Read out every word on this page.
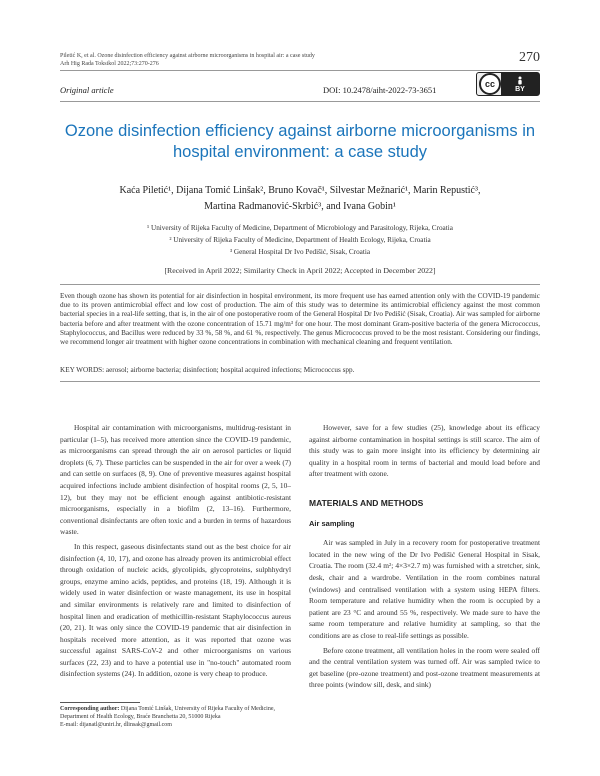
Piletić K, et al. Ozone disinfection efficiency against airborne microorganisms in hospital air: a case study
Arh Hig Rada Toksikol 2022;73:270-276	270
cc	BY
Original article	DOI: 10.2478/aiht-2022-73-3651
Ozone disinfection efficiency against airborne microorganisms in hospital environment: a case study
Kaća Piletić¹, Dijana Tomić Linšak², Bruno Kovač¹, Silvestar Mežnarić¹, Marin Repustić³,
Martina Radmanović-Skrbić³, and Ivana Gobin¹
¹ University of Rijeka Faculty of Medicine, Department of Microbiology and Parasitology, Rijeka, Croatia
² University of Rijeka Faculty of Medicine, Department of Health Ecology, Rijeka, Croatia
³ General Hospital Dr Ivo Pedišić, Sisak, Croatia
[Received in April 2022; Similarity Check in April 2022; Accepted in December 2022]
Even though ozone has shown its potential for air disinfection in hospital environment, its more frequent use has earned attention only with the COVID-19 pandemic due to its proven antimicrobial effect and low cost of production. The aim of this study was to determine its antimicrobial efficiency against the most common bacterial species in a real-life setting, that is, in the air of one postoperative room of the General Hospital Dr Ivo Pedišić (Sisak, Croatia). Air was sampled for airborne bacteria before and after treatment with the ozone concentration of 15.71 mg/m³ for one hour. The most dominant Gram-positive bacteria of the genera Micrococcus, Staphylococcus, and Bacillus were reduced by 33 %, 58 %, and 61 %, respectively. The genus Micrococcus proved to be the most resistant. Considering our findings, we recommend longer air treatment with higher ozone concentrations in combination with mechanical cleaning and frequent ventilation.
KEY WORDS: aerosol; airborne bacteria; disinfection; hospital acquired infections; Micrococcus spp.

Hospital air contamination with microorganisms, multidrug-resistant in particular (1–5), has received more attention since the COVID-19 pandemic, as microorganisms can spread through the air on aerosol particles or liquid droplets (6, 7). These particles can be suspended in the air for over a week (7) and can settle on surfaces (8, 9). One of preventive measures against hospital acquired infections include ambient disinfection of hospital rooms (2, 5, 10–12), but they may not be efficient enough against antibiotic-resistant microorganisms, especially in a biofilm (2, 13–16). Furthermore, conventional disinfectants are often toxic and a burden in terms of hazardous waste.

In this respect, gaseous disinfectants stand out as the best choice for air disinfection (4, 10, 17), and ozone has already proven its antimicrobial effect through oxidation of nucleic acids, glycolipids, glycoproteins, sulphhydryl groups, enzyme amino acids, peptides, and proteins (18, 19). Although it is widely used in water disinfection or waste management, its use in hospital and similar environments is relatively rare and limited to disinfection of hospital linen and eradication of methicillin-resistant Staphylococcus aureus (20, 21). It was only since the COVID-19 pandemic that air disinfection in hospitals received more attention, as it was reported that ozone was successful against SARS-CoV-2 and other microorganisms on various surfaces (22, 23) and to have a potential use in "no-touch" automated room disinfection systems (24). In addition, ozone is very cheap to produce.

However, save for a few studies (25), knowledge about its efficacy against airborne contamination in hospital settings is still scarce. The aim of this study was to gain more insight into its efficiency by determining air quality in a hospital room in terms of bacterial and mould load before and after treatment with ozone.

MATERIALS AND METHODS
Air sampling

Air was sampled in July in a recovery room for postoperative treatment located in the new wing of the Dr Ivo Pedišić General Hospital in Sisak, Croatia. The room (32.4 m²; 4×3×2.7 m) was furnished with a stretcher, sink, desk, chair and a wardrobe. Ventilation in the room combines natural (windows) and centralised ventilation with a system using HEPA filters. Room temperature and relative humidity when the room is occupied by a patient are 23 °C and around 55 %, respectively. We made sure to have the same room temperature and relative humidity at sampling, so that the conditions are as close to real-life settings as possible.

Before ozone treatment, all ventilation holes in the room were sealed off and the central ventilation system was turned off. Air was sampled twice to get baseline (pre-ozone treatment) and post-ozone treatment measurements at three points (window sill, desk, and sink)

Corresponding author: Dijana Tomić Linšak, University of Rijeka Faculty of Medicine, Department of Health Ecology, Braće Branchetta 20, 51000 Rijeka
E-mail: dijanatl@uniri.hr, dlinsak@gmail.com
